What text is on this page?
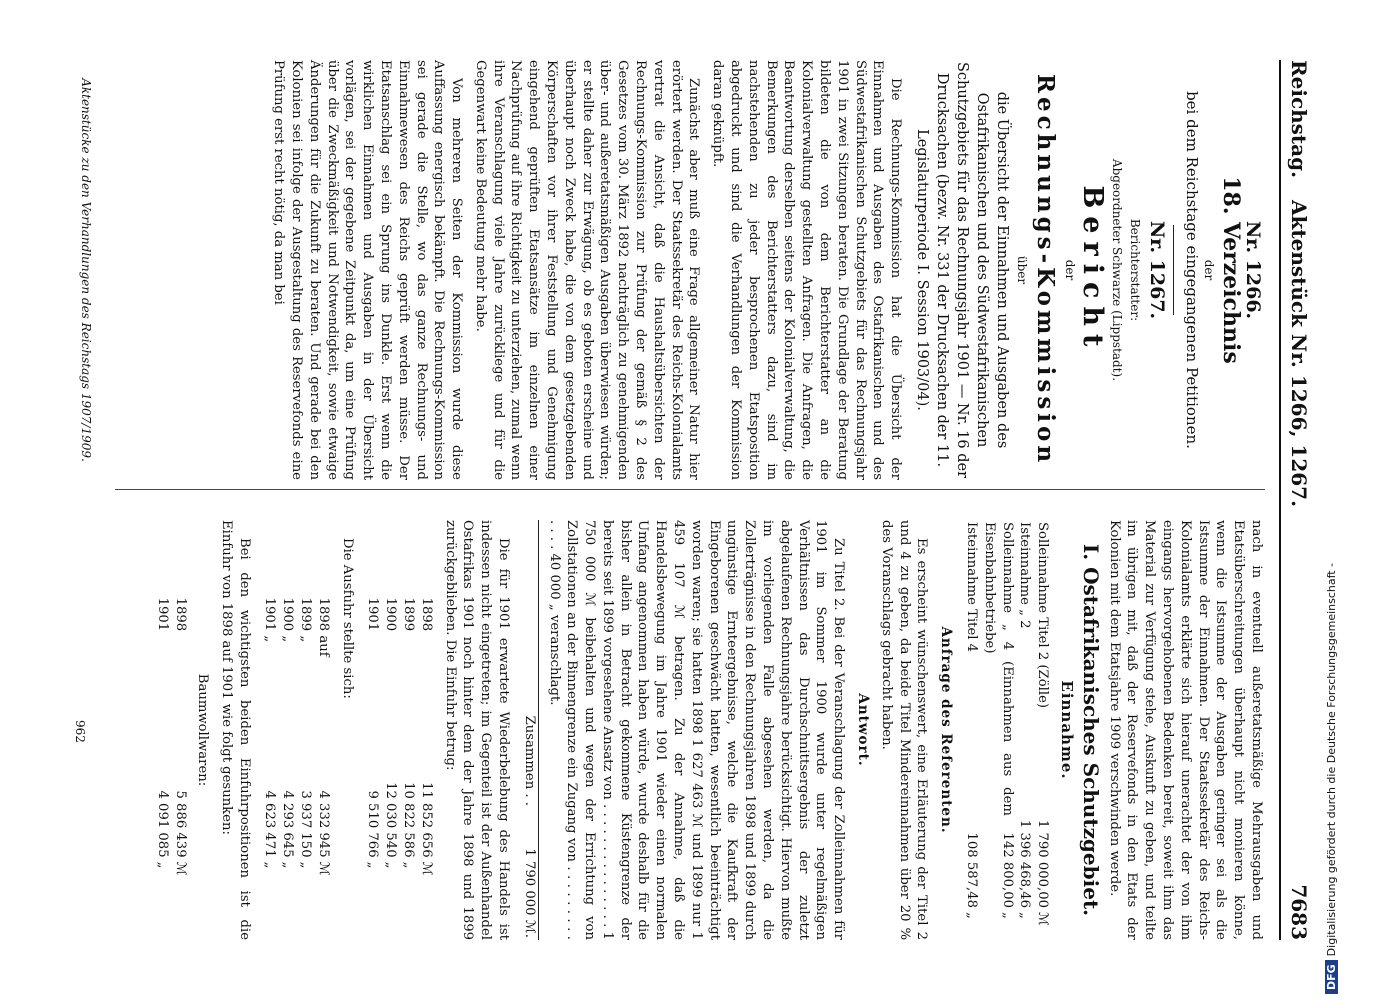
Reichstag.
Aktenstück Nr. 1266, 1267.
7683
Nr. 1266.
18. Verzeichnis
der
bei dem Reichstage eingegangenen Petitionen.
Nr. 1267.
Berichterstatter:
Abgeordneter Schwarze (Lippstadt).
Bericht
der
Rechnungs-Kommission
über
die Übersicht der Einnahmen und Ausgaben des Ostafrikanischen und des Südwestafrikanischen Schutzgebiets für das Rechnungsjahr 1901 — Nr. 16 der Drucksachen (bezw. Nr. 331 der Drucksachen der 11. Legislaturperiode I. Session 1903/04).

Die Rechnungs-Kommission hat die Übersicht der Einnahmen und Ausgaben des Ostafrikanischen und des Südwestafrikanischen Schutzgebiets für das Rechnungsjahr 1901 in zwei Sitzungen beraten. Die Grundlage der Beratung bildeten die von dem Berichterstatter an die Kolonialverwaltung gestellten Anfragen. Die Anfragen, die Beantwortung derselben seitens der Kolonialverwaltung, die Bemerkungen des Berichterstatters dazu, sind im nachstehenden zu jeder besprochenen Etatsposition abgedruckt und sind die Verhandlungen der Kommission daran geknüpft.

Zunächst aber muß eine Frage allgemeiner Natur hier erörtert werden. Der Staatssekretär des Reichs-Kolonialamts vertrat die Ansicht, daß die Haushaltsübersichten der Rechnungs-Kommission zur Prüfung der gemäß § 2 des Gesetzes vom 30. März 1892 nachträglich zu genehmigenden über- und außeretatsmäßigen Ausgaben überwiesen würden; er stellte daher zur Erwägung, ob es geboten erscheine und überhaupt noch Zweck habe, die von dem gesetzgebenden Körperschaften vor ihrer Feststellung und Genehmigung eingehend geprüften Etatsansätze im einzelnen einer Nachprüfung auf ihre Richtigkeit zu unterziehen, zumal wenn ihre Veranschlagung viele Jahre zurückliege und für die Gegenwart keine Bedeutung mehr habe.

Von mehreren Seiten der Kommission wurde diese Auffassung energisch bekämpft. Die Rechnungs-Kommission sei gerade die Stelle, wo das ganze Rechnungs- und Einnahmewesen des Reichs geprüft werden müsse. Der Etatsanschlag sei ein Sprung ins Dunkle. Erst wenn die wirklichen Einnahmen und Ausgaben in der Übersicht vorlägen, sei der gegebene Zeitpunkt da, um eine Prüfung über die Zweckmäßigkeit und Notwendigkeit, sowie etwaige Änderungen für die Zukunft zu beraten. Und gerade bei den Kolonien sei infolge der Ausgestaltung des Reservefonds eine Prüfung erst recht nötig, da man bei

nach in eventuell außeretatsmäßige Mehrausgaben und Etatsüberschreitungen überhaupt nicht monieren könne, wenn die Istsumme der Ausgaben geringer sei als die Istsumme der Einnahmen. Der Staatssekretär des Reichs-Kolonialamts erklärte sich hierauf unerachtet der von ihm eingangs hervorgehobenen Bedenken bereit, soweit ihm das Material zur Verfügung stehe, Auskunft zu geben, und teilte im übrigen mit, daß der Reservefonds in den Etats der Kolonien mit dem Etatsjahre 1909 verschwinden werde.

I. Ostafrikanisches Schutzgebiet.
Einnahme.
Solleinnahme Titel 2 (Zölle)	1 790 000,00	ℳ
Isteinnahme „ 2	1 396 468,46	„
Solleinnahme „ 4 (Einnahmen aus dem Eisenbahnbetriebe)	142 800,00	„
Isteinnahme Titel 4	108 587,48	„
Anfrage des Referenten.

Es erscheint wünschenswert, eine Erläuterung der Titel 2 und 4 zu geben, da beide Titel Mindereinnahmen über 20 % des Voranschlags gebracht haben.

Antwort.

Zu Titel 2. Bei der Veranschlagung der Zolleinnahmen für 1901 im Sommer 1900 wurde unter regelmäßigen Verhältnissen das Durchschnittsergebnis der zuletzt abgelaufenen Rechnungsjahre berücksichtigt. Hiervon mußte im vorliegenden Falle abgesehen werden, da die Zollerträgnisse in den Rechnungsjahren 1898 und 1899 durch ungünstige Ernteergebnisse, welche die Kaufkraft der Eingeborenen geschwächt hatten, wesentlich beeinträchtigt worden waren; sie hatten 1898 1 627 463 ℳ und 1899 nur 1 459 107 ℳ betragen. Zu der Annahme, daß die Handelsbewegung im Jahre 1901 wieder einen normalen Umfang angenommen haben würde, wurde deshalb für die bisher allein in Betracht gekommene Küstengrenze der bereits seit 1899 vorgesehene Ansatz von . . . . . . . . . . . . . . . 1 750 000 ℳ beibehalten und wegen der Errichtung von Zollstationen an der Binnengrenze ein Zugang von . . . . . . . . . . . . . 40 000 „ veranschlagt.

Zusammen . .	1 790 000 ℳ.

Die für 1901 erwartete Wiederbelebung des Handels ist indessen nicht eingetreten; im Gegenteil ist der Außenhandel Ostafrikas 1901 noch hinter dem der Jahre 1898 und 1899 zurückgeblieben. Die Einfuhr betrug:

1898	11 852 656	ℳ
1899	10 822 586	„
1900	12 030 540	„
1901	9 510 766	„

Die Ausfuhr stellte sich:

1898 auf	4 332 945	ℳ
1899 „	3 937 150	„
1900 „	4 293 645	„
1901 „	4 623 471	„

Bei den wichtigsten beiden Einfuhrpositionen ist die Einfuhr von 1898 auf 1901 wie folgt gesunken:

Baumwollwaren:
1898	5 886 439	ℳ
1901	4 091 085	„
Aktenstücke zu den Verhandlungen des Reichstags 1907/1909.
962
DFGDigitalisierung gefördert durch die Deutsche Forschungsgemeinschaft -
